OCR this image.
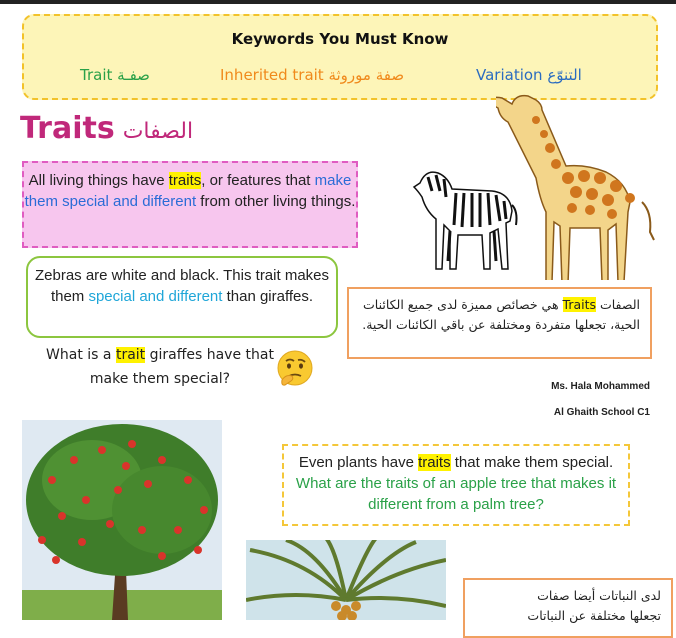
Keywords You Must Know
Trait صفـة	Inherited trait صفة موروثة	Variation التنوّع
Traits الصفات
All living things have traits, or features that make them special and different from other living things.
Zebras are white and black. This trait makes them special and different than giraffes.
What is a trait giraffes have that make them special?
الصفات Traits هي خصائص مميزة لدى جميع الكائنات الحية، تجعلها متفردة ومختلفة عن باقي الكائنات الحية.
Ms. Hala Mohammed
Al Ghaith School C1
Even plants have traits that make them special. What are the traits of an apple tree that makes it different from a palm tree?
لدى النباتات أيضا صفات
تجعلها مختلفة عن النباتات
